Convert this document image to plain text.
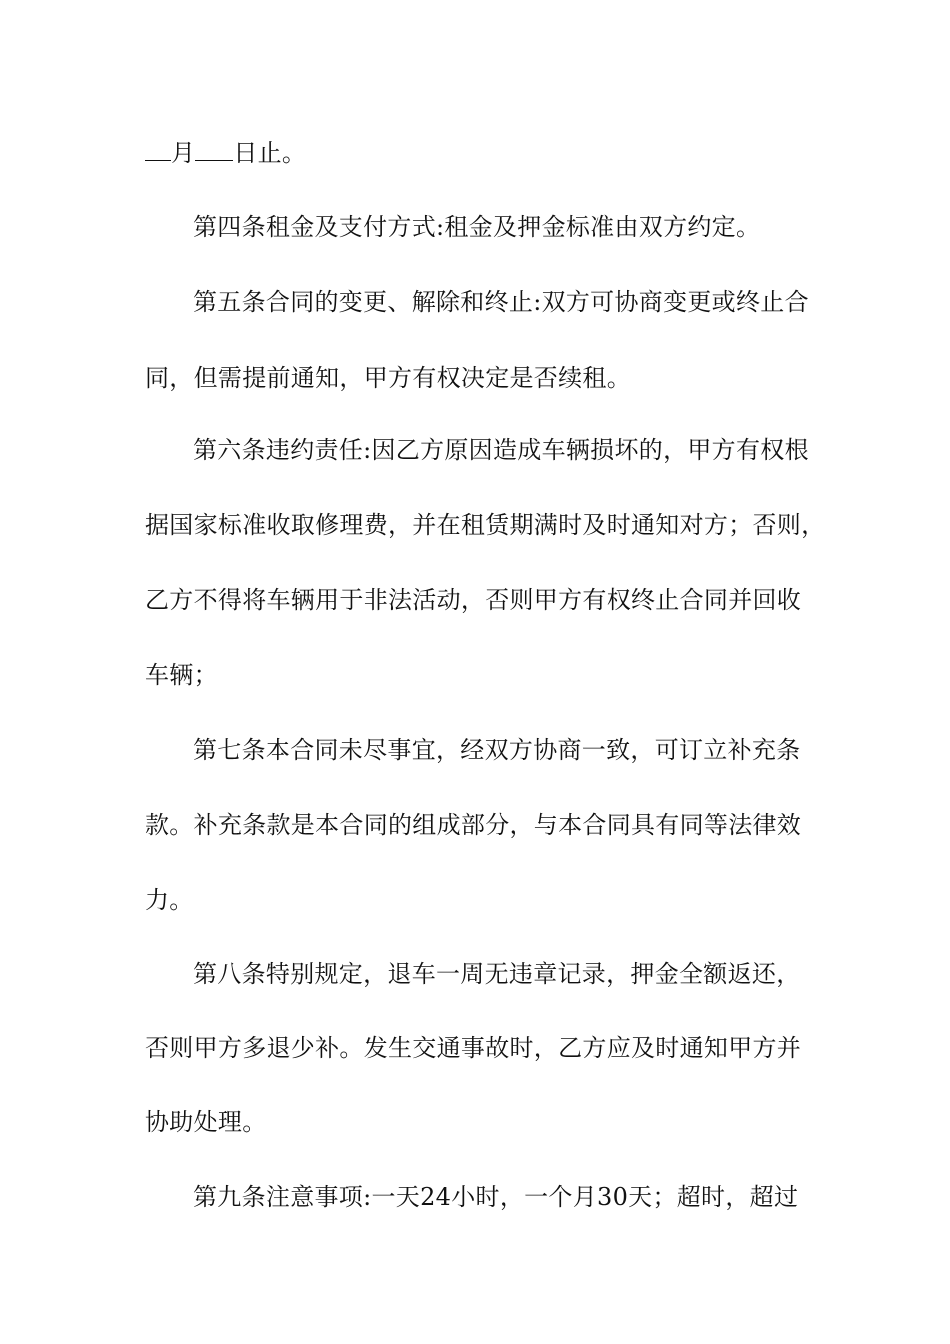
月 日止。
第四条租金及支付方式:租金及押金标准由双方约定。
第五条合同的变更、解除和终止:双方可协商变更或终止合
同，但需提前通知，甲方有权决定是否续租。
第六条违约责任:因乙方原因造成车辆损坏的，甲方有权根
据国家标准收取修理费，并在租赁期满时及时通知对方；否则，
乙方不得将车辆用于非法活动，否则甲方有权终止合同并回收
车辆；
第七条本合同未尽事宜，经双方协商一致，可订立补充条
款。补充条款是本合同的组成部分，与本合同具有同等法律效
力。
第八条特别规定，退车一周无违章记录，押金全额返还，
否则甲方多退少补。发生交通事故时，乙方应及时通知甲方并
协助处理。
第九条注意事项:一天24小时，一个月30天；超时，超过
